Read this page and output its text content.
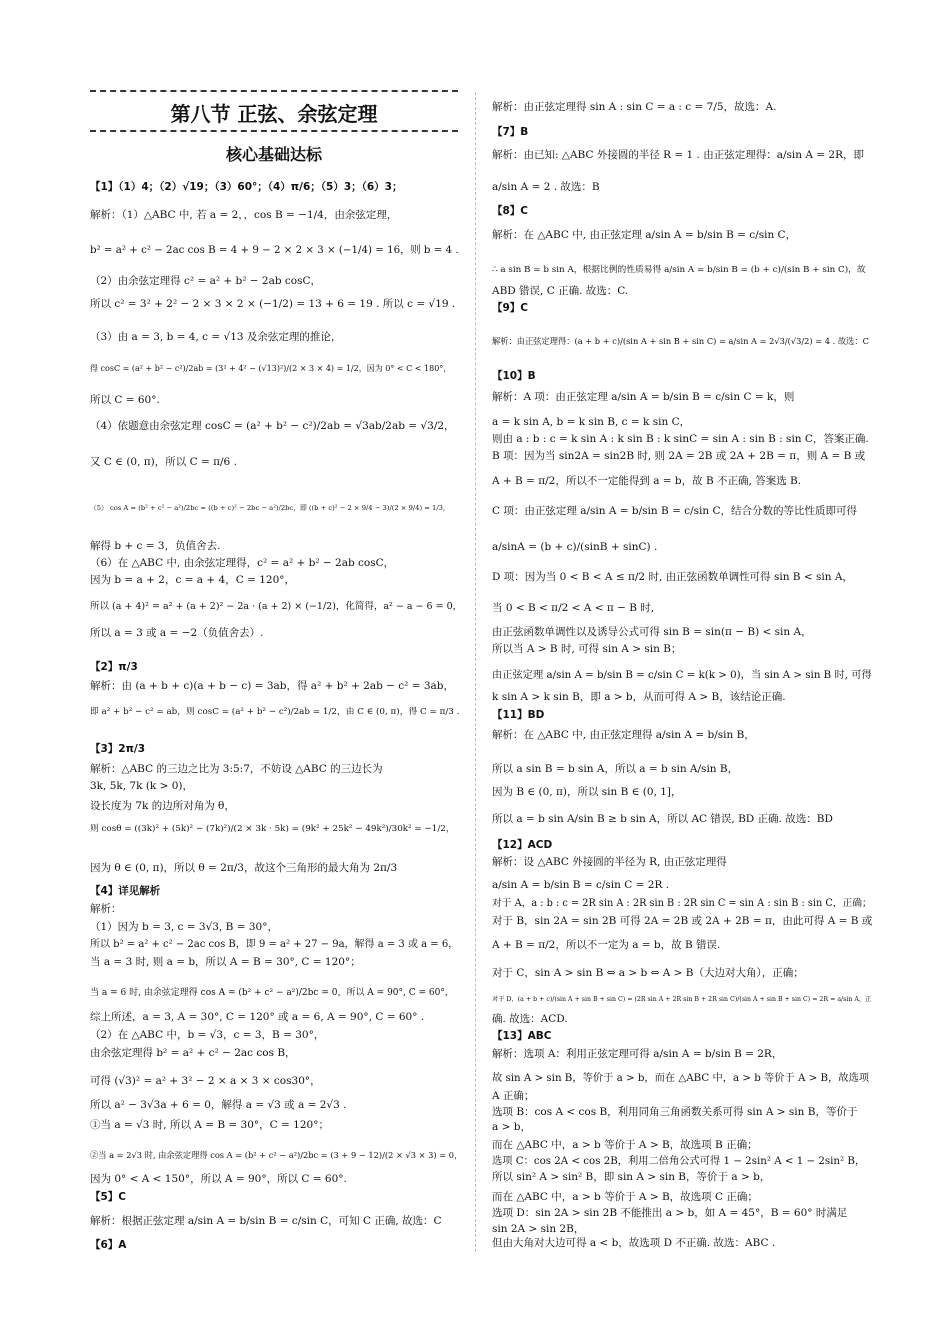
第八节 正弦、余弦定理
核心基础达标
【1】（1）4；（2）√19；（3）60°；（4）π/6；（5）3；（6）3；
解析：（1）△ABC 中, 若 a = 2，，cos B = −1/4，由余弦定理，
b² = a² + c² − 2ac cos B = 4 + 9 − 2 × 2 × 3 × (−1/4) = 16，则 b = 4 .
（2）由余弦定理得 c² = a² + b² − 2ab cosC，
所以 c² = 3² + 2² − 2 × 3 × 2 × (−1/2) = 13 + 6 = 19 . 所以 c = √19 .
（3）由 a = 3, b = 4, c = √13 及余弦定理的推论，
得 cosC = (a² + b² − c²)/2ab = (3² + 4² − (√13)²)/(2 × 3 × 4) = 1/2，因为 0° < C < 180°，
所以 C = 60°.
（4）依题意由余弦定理 cosC = (a² + b² − c²)/2ab = √3ab/2ab = √3/2，
又 C ∈ (0, π)，所以 C = π/6 .
（5） cos A = (b² + c² − a²)/2bc = ((b + c)² − 2bc − a²)/2bc，即 ((b + c)² − 2 × 9/4 − 3)/(2 × 9/4) = 1/3，
解得 b + c = 3，负值舍去.
（6）在 △ABC 中, 由余弦定理得，c² = a² + b² − 2ab cosC，
因为 b = a + 2，c = a + 4，C = 120°，
所以 (a + 4)² = a² + (a + 2)² − 2a · (a + 2) × (−1/2)，化简得，a² − a − 6 = 0，
所以 a = 3 或 a = −2（负值舍去）.
【2】π/3
解析：由 (a + b + c)(a + b − c) = 3ab，得 a² + b² + 2ab − c² = 3ab，
即 a² + b² − c² = ab，则 cosC = (a² + b² − c²)/2ab = 1/2，由 C ∈ (0, π)，得 C = π/3 .
【3】2π/3
解析：△ABC 的三边之比为 3:5:7，不妨设 △ABC 的三边长为
3k, 5k, 7k (k > 0)，
设长度为 7k 的边所对角为 θ，
则 cosθ = ((3k)² + (5k)² − (7k)²)/(2 × 3k · 5k) = (9k² + 25k² − 49k²)/30k² = −1/2，
因为 θ ∈ (0, π)，所以 θ = 2π/3，故这个三角形的最大角为 2π/3
【4】详见解析
解析：
（1）因为 b = 3, c = 3√3, B = 30°，
所以 b² = a² + c² − 2ac cos B，即 9 = a² + 27 − 9a，解得 a = 3 或 a = 6，
当 a = 3 时, 则 a = b，所以 A = B = 30°, C = 120°；
当 a = 6 时, 由余弦定理得 cos A = (b² + c² − a²)/2bc = 0，所以 A = 90°, C = 60°，
综上所述，a = 3, A = 30°, C = 120° 或 a = 6, A = 90°, C = 60° .
（2）在 △ABC 中，b = √3，c = 3，B = 30°，
由余弦定理得 b² = a² + c² − 2ac cos B，
可得 (√3)² = a² + 3² − 2 × a × 3 × cos30°，
所以 a² − 3√3a + 6 = 0，解得 a = √3 或 a = 2√3 .
①当 a = √3 时, 所以 A = B = 30°，C = 120°；
②当 a = 2√3 时, 由余弦定理得 cos A = (b² + c² − a²)/2bc = (3 + 9 − 12)/(2 × √3 × 3) = 0，
因为 0° < A < 150°，所以 A = 90°，所以 C = 60°.
【5】C
解析：根据正弦定理 a/sin A = b/sin B = c/sin C，可知 C 正确, 故选：C
【6】A
解析：由正弦定理得 sin A : sin C = a : c = 7/5，故选：A.
【7】B
解析：由已知: △ABC 外接圆的半径 R = 1 . 由正弦定理得：a/sin A = 2R，即
a/sin A = 2 . 故选：B
【8】C
解析：在 △ABC 中, 由正弦定理 a/sin A = b/sin B = c/sin C，
∴ a sin B = b sin A，根据比例的性质易得 a/sin A = b/sin B = (b + c)/(sin B + sin C)，故
ABD 错误, C 正确. 故选：C.
【9】C
解析：由正弦定理得：(a + b + c)/(sin A + sin B + sin C) = a/sin A = 2√3/(√3/2) = 4 . 故选：C
【10】B
解析：A 项：由正弦定理 a/sin A = b/sin B = c/sin C = k，则
a = k sin A, b = k sin B, c = k sin C，
则由 a : b : c = k sin A : k sin B : k sinC = sin A : sin B : sin C，答案正确.
B 项：因为当 sin2A = sin2B 时, 则 2A = 2B 或 2A + 2B = π，则 A = B 或
A + B = π/2，所以不一定能得到 a = b，故 B 不正确, 答案选 B.
C 项：由正弦定理 a/sin A = b/sin B = c/sin C，结合分数的等比性质即可得
a/sinA = (b + c)/(sinB + sinC) .
D 项：因为当 0 < B < A ≤ π/2 时, 由正弦函数单调性可得 sin B < sin A，
当 0 < B < π/2 < A < π − B 时,
由正弦函数单调性以及诱导公式可得 sin B = sin(π − B) < sin A，
所以当 A > B 时, 可得 sin A > sin B；
由正弦定理 a/sin A = b/sin B = c/sin C = k(k > 0)，当 sin A > sin B 时, 可得
k sin A > k sin B，即 a > b，从而可得 A > B，该结论正确.
【11】BD
解析：在 △ABC 中, 由正弦定理得 a/sin A = b/sin B，
所以 a sin B = b sin A，所以 a = b sin A/sin B，
因为 B ∈ (0, π)，所以 sin B ∈ (0, 1]，
所以 a = b sin A/sin B ≥ b sin A，所以 AC 错误, BD 正确. 故选：BD
【12】ACD
解析：设 △ABC 外接圆的半径为 R, 由正弦定理得
a/sin A = b/sin B = c/sin C = 2R .
对于 A，a : b : c = 2R sin A : 2R sin B : 2R sin C = sin A : sin B : sin C，正确；
对于 B，sin 2A = sin 2B 可得 2A = 2B 或 2A + 2B = π，由此可得 A = B 或
A + B = π/2，所以不一定为 a = b，故 B 错误.
对于 C，sin A > sin B ⇔ a > b ⇔ A > B（大边对大角），正确；
对于 D，(a + b + c)/(sin A + sin B + sin C) = (2R sin A + 2R sin B + 2R sin C)/(sin A + sin B + sin C) = 2R = a/sin A，正
确. 故选：ACD.
【13】ABC
解析：选项 A：利用正弦定理可得 a/sin A = b/sin B = 2R，
故 sin A > sin B，等价于 a > b，而在 △ABC 中，a > b 等价于 A > B，故选项
A 正确；
选项 B：cos A < cos B，利用同角三角函数关系可得 sin A > sin B，等价于
a > b，
而在 △ABC 中，a > b 等价于 A > B，故选项 B 正确；
选项 C：cos 2A < cos 2B，利用二倍角公式可得 1 − 2sin² A < 1 − 2sin² B，
所以 sin² A > sin² B，即 sin A > sin B，等价于 a > b，
而在 △ABC 中，a > b 等价于 A > B，故选项 C 正确；
选项 D：sin 2A > sin 2B 不能推出 a > b，如 A = 45°，B = 60° 时满足
sin 2A > sin 2B，
但由大角对大边可得 a < b，故选项 D 不正确. 故选：ABC .
